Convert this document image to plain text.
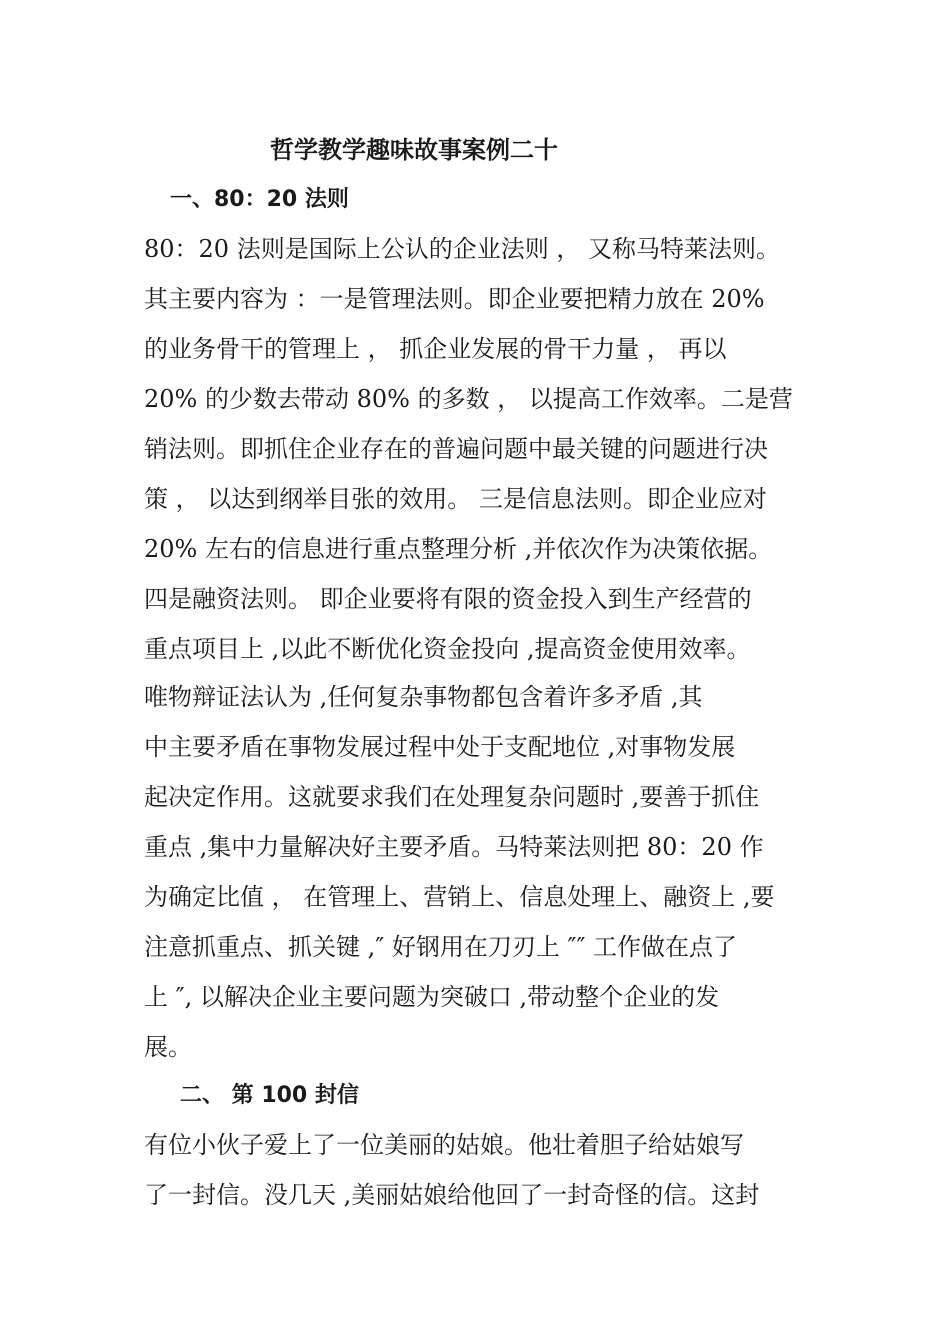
哲学教学趣味故事案例二十
一、80：20 法则
80：20 法则是国际上公认的企业法则 ， 又称马特莱法则。
其主要内容为 ：一是管理法则。即企业要把精力放在 20%
的业务骨干的管理上 ， 抓企业发展的骨干力量 ， 再以
20% 的少数去带动 80% 的多数 ， 以提高工作效率。二是营
销法则。即抓住企业存在的普遍问题中最关键的问题进行决
策 ， 以达到纲举目张的效用。 三是信息法则。即企业应对
20% 左右的信息进行重点整理分析 ,并依次作为决策依据。
四是融资法则。 即企业要将有限的资金投入到生产经营的
重点项目上 ,以此不断优化资金投向 ,提高资金使用效率。
唯物辩证法认为 ,任何复杂事物都包含着许多矛盾 ,其
中主要矛盾在事物发展过程中处于支配地位 ,对事物发展
起决定作用。这就要求我们在处理复杂问题时 ,要善于抓住
重点 ,集中力量解决好主要矛盾。马特莱法则把 80：20 作
为确定比值 ， 在管理上、营销上、信息处理上、融资上 ,要
注意抓重点、抓关键 ,″ 好钢用在刀刃上 ″″ 工作做在点了
上 ″, 以解决企业主要问题为突破口 ,带动整个企业的发
展。
二、 第 100 封信
有位小伙子爱上了一位美丽的姑娘。他壮着胆子给姑娘写
了一封信。没几天 ,美丽姑娘给他回了一封奇怪的信。这封
